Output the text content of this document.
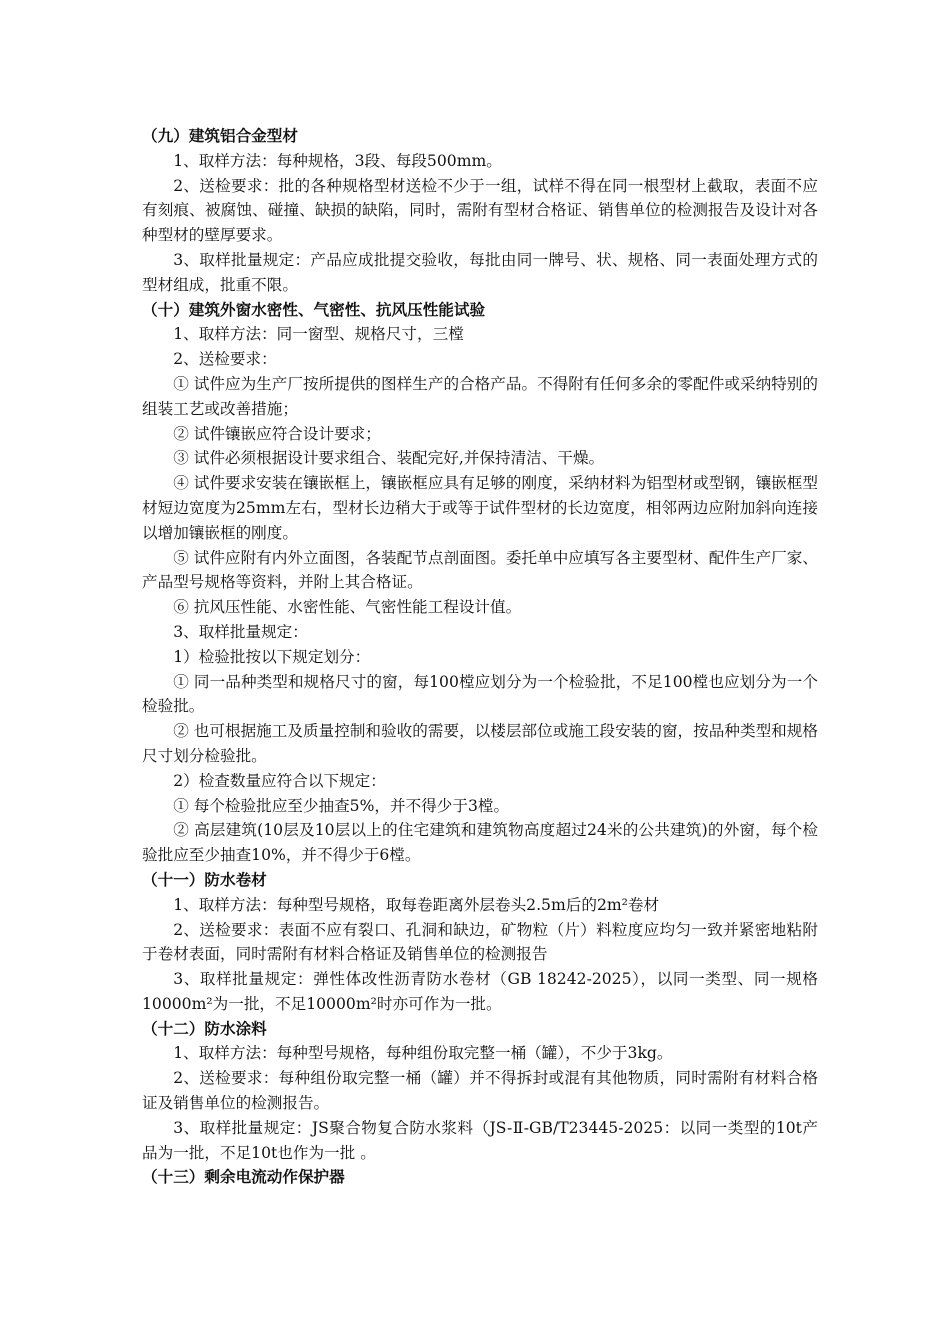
（九）建筑铝合金型材

1、取样方法：每种规格，3段、每段500mm。

2、送检要求：批的各种规格型材送检不少于一组，试样不得在同一根型材上截取，表面不应有刻痕、被腐蚀、碰撞、缺损的缺陷，同时，需附有型材合格证、销售单位的检测报告及设计对各种型材的壁厚要求。

3、取样批量规定：产品应成批提交验收，每批由同一牌号、状、规格、同一表面处理方式的型材组成，批重不限。

（十）建筑外窗水密性、气密性、抗风压性能试验

1、取样方法：同一窗型、规格尺寸，三樘

2、送检要求：

① 试件应为生产厂按所提供的图样生产的合格产品。不得附有任何多余的零配件或采纳特别的组装工艺或改善措施；

② 试件镶嵌应符合设计要求；

③ 试件必须根据设计要求组合、装配完好,并保持清洁、干燥。

④ 试件要求安装在镶嵌框上，镶嵌框应具有足够的刚度，采纳材料为铝型材或型钢，镶嵌框型材短边宽度为25mm左右，型材长边稍大于或等于试件型材的长边宽度，相邻两边应附加斜向连接以增加镶嵌框的刚度。

⑤ 试件应附有内外立面图，各装配节点剖面图。委托单中应填写各主要型材、配件生产厂家、产品型号规格等资料，并附上其合格证。

⑥ 抗风压性能、水密性能、气密性能工程设计值。

3、取样批量规定：

1）检验批按以下规定划分：

① 同一品种类型和规格尺寸的窗，每100樘应划分为一个检验批，不足100樘也应划分为一个检验批。

② 也可根据施工及质量控制和验收的需要，以楼层部位或施工段安装的窗，按品种类型和规格尺寸划分检验批。

2）检查数量应符合以下规定：

① 每个检验批应至少抽查5%，并不得少于3樘。

② 高层建筑(10层及10层以上的住宅建筑和建筑物高度超过24米的公共建筑)的外窗，每个检验批应至少抽查10%，并不得少于6樘。

（十一）防水卷材

1、取样方法：每种型号规格，取每卷距离外层卷头2.5m后的2m²卷材

2、送检要求：表面不应有裂口、孔洞和缺边，矿物粒（片）料粒度应均匀一致并紧密地粘附于卷材表面，同时需附有材料合格证及销售单位的检测报告

3、取样批量规定：弹性体改性沥青防水卷材（GB 18242-2025），以同一类型、同一规格10000m²为一批，不足10000m²时亦可作为一批。

（十二）防水涂料

1、取样方法：每种型号规格，每种组份取完整一桶（罐），不少于3kg。

2、送检要求：每种组份取完整一桶（罐）并不得拆封或混有其他物质，同时需附有材料合格证及销售单位的检测报告。

3、取样批量规定：JS聚合物复合防水浆料（JS-Ⅱ-GB/T23445-2025：以同一类型的10t产品为一批，不足10t也作为一批 。

（十三）剩余电流动作保护器
